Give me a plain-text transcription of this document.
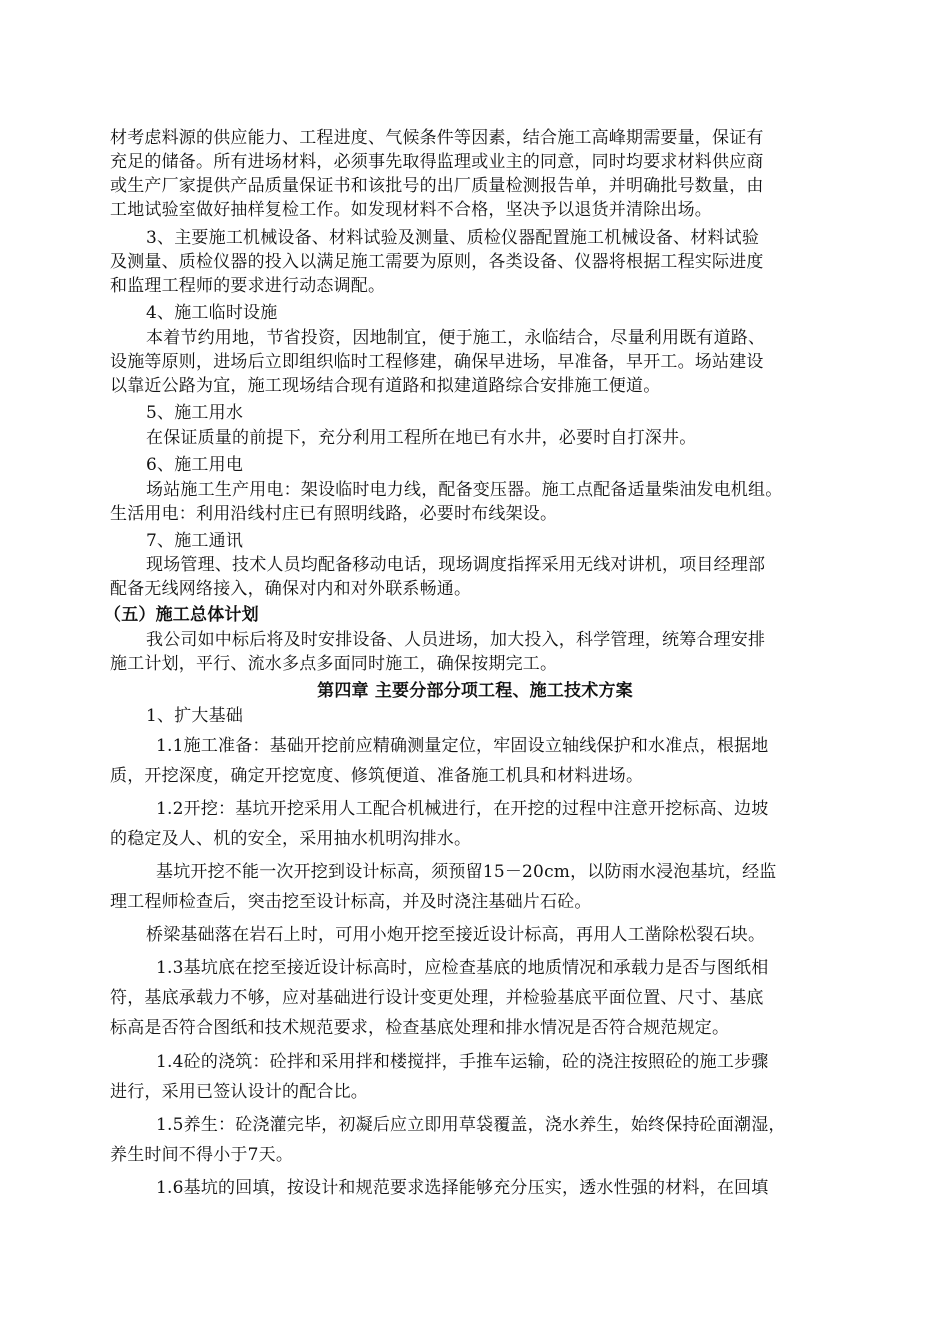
材考虑料源的供应能力、工程进度、气候条件等因素，结合施工高峰期需要量，保证有
充足的储备。所有进场材料，必须事先取得监理或业主的同意，同时均要求材料供应商
或生产厂家提供产品质量保证书和该批号的出厂质量检测报告单，并明确批号数量，由
工地试验室做好抽样复检工作。如发现材料不合格，坚决予以退货并清除出场。
3、主要施工机械设备、材料试验及测量、质检仪器配置施工机械设备、材料试验
及测量、质检仪器的投入以满足施工需要为原则，各类设备、仪器将根据工程实际进度
和监理工程师的要求进行动态调配。
4、施工临时设施
本着节约用地，节省投资，因地制宜，便于施工，永临结合，尽量利用既有道路、
设施等原则，进场后立即组织临时工程修建，确保早进场，早准备，早开工。场站建设
以靠近公路为宜，施工现场结合现有道路和拟建道路综合安排施工便道。
5、施工用水
在保证质量的前提下，充分利用工程所在地已有水井，必要时自打深井。
6、施工用电
场站施工生产用电：架设临时电力线，配备变压器。施工点配备适量柴油发电机组。
生活用电：利用沿线村庄已有照明线路，必要时布线架设。
7、施工通讯
现场管理、技术人员均配备移动电话，现场调度指挥采用无线对讲机，项目经理部
配备无线网络接入，确保对内和对外联系畅通。
（五）施工总体计划
我公司如中标后将及时安排设备、人员进场，加大投入，科学管理，统筹合理安排
施工计划，平行、流水多点多面同时施工，确保按期完工。
第四章 主要分部分项工程、施工技术方案
1、扩大基础
1.1施工准备：基础开挖前应精确测量定位，牢固设立轴线保护和水准点，根据地
质，开挖深度，确定开挖宽度、修筑便道、准备施工机具和材料进场。
1.2开挖：基坑开挖采用人工配合机械进行，在开挖的过程中注意开挖标高、边坡
的稳定及人、机的安全，采用抽水机明沟排水。
基坑开挖不能一次开挖到设计标高，须预留15－20cm，以防雨水浸泡基坑，经监
理工程师检查后，突击挖至设计标高，并及时浇注基础片石砼。
桥梁基础落在岩石上时，可用小炮开挖至接近设计标高，再用人工凿除松裂石块。
1.3基坑底在挖至接近设计标高时，应检查基底的地质情况和承载力是否与图纸相
符，基底承载力不够，应对基础进行设计变更处理，并检验基底平面位置、尺寸、基底
标高是否符合图纸和技术规范要求，检查基底处理和排水情况是否符合规范规定。
1.4砼的浇筑：砼拌和采用拌和楼搅拌，手推车运输，砼的浇注按照砼的施工步骤
进行，采用已签认设计的配合比。
1.5养生：砼浇灌完毕，初凝后应立即用草袋覆盖，浇水养生，始终保持砼面潮湿，
养生时间不得小于7天。
1.6基坑的回填，按设计和规范要求选择能够充分压实，透水性强的材料，在回填
